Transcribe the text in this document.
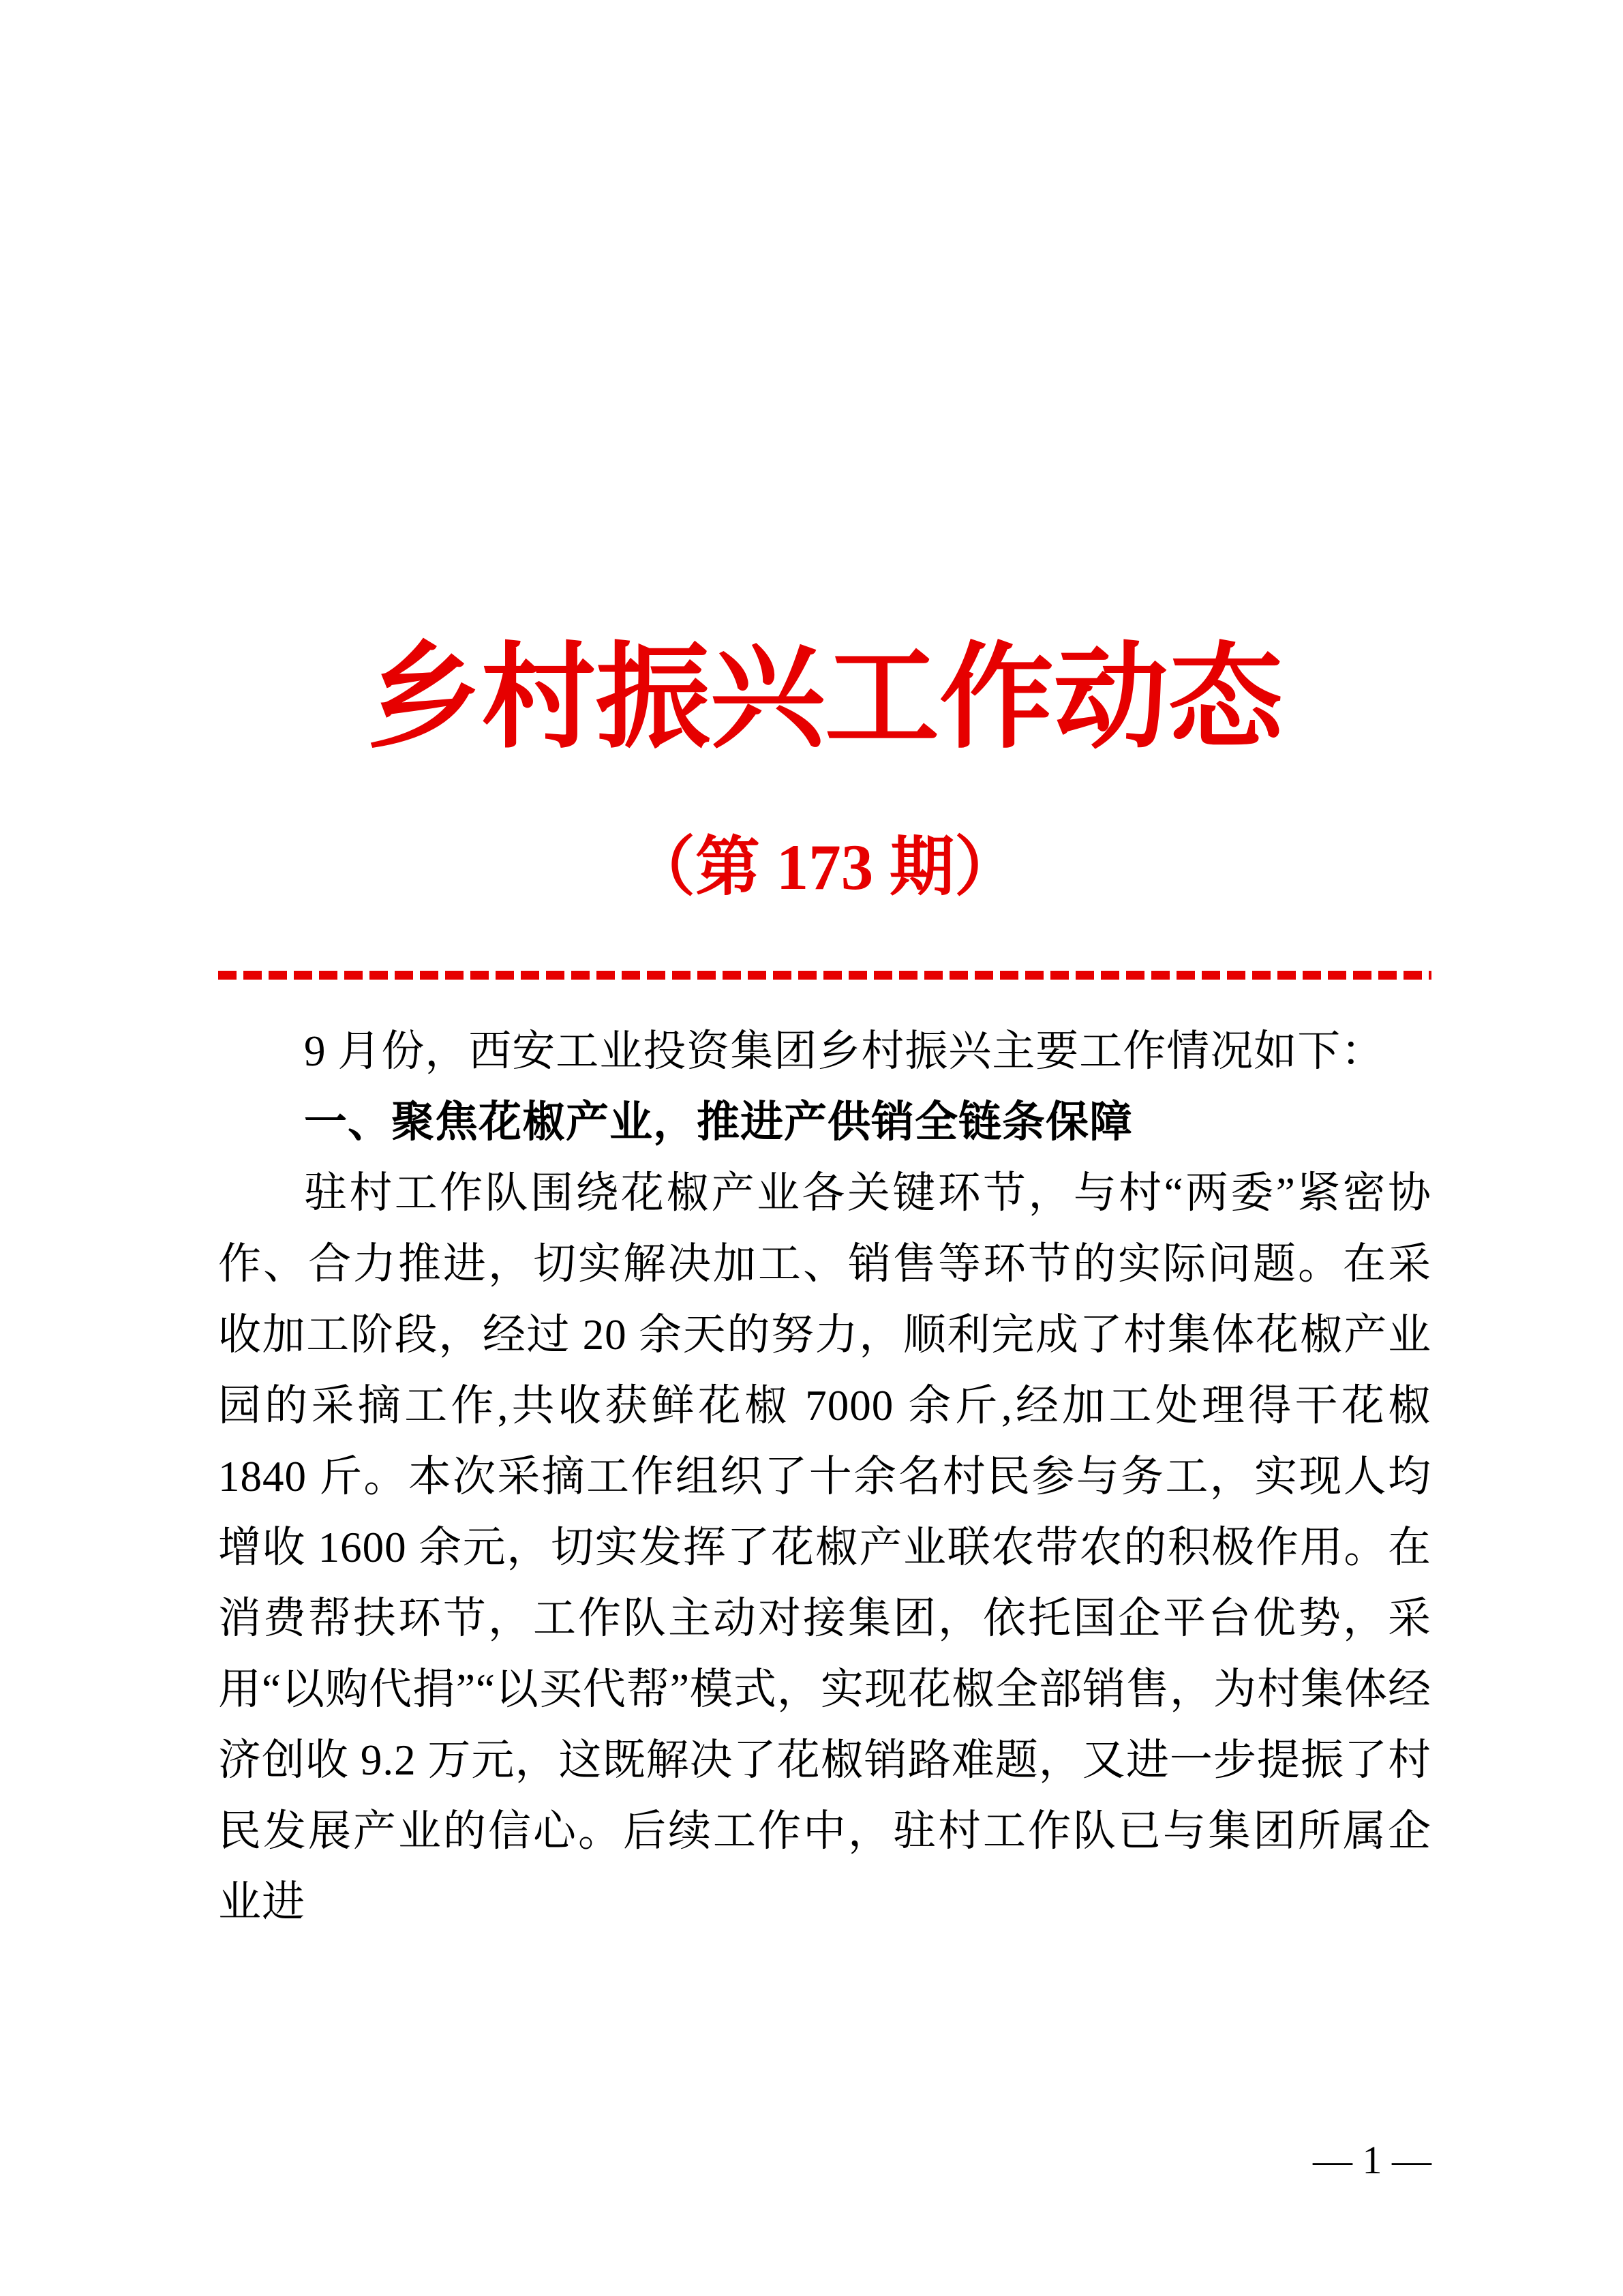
乡村振兴工作动态
（第 173 期）

9 月份，西安工业投资集团乡村振兴主要工作情况如下：

一、聚焦花椒产业，推进产供销全链条保障

驻村工作队围绕花椒产业各关键环节，与村“两委”紧密协作、合力推进，切实解决加工、销售等环节的实际问题。在采收加工阶段，经过 20 余天的努力，顺利完成了村集体花椒产业园的采摘工作,共收获鲜花椒 7000 余斤,经加工处理得干花椒 1840 斤。本次采摘工作组织了十余名村民参与务工，实现人均增收 1600 余元，切实发挥了花椒产业联农带农的积极作用。在消费帮扶环节，工作队主动对接集团，依托国企平台优势，采用“以购代捐”“以买代帮”模式，实现花椒全部销售，为村集体经济创收 9.2 万元，这既解决了花椒销路难题，又进一步提振了村民发展产业的信心。后续工作中，驻村工作队已与集团所属企业进

— 1 —
